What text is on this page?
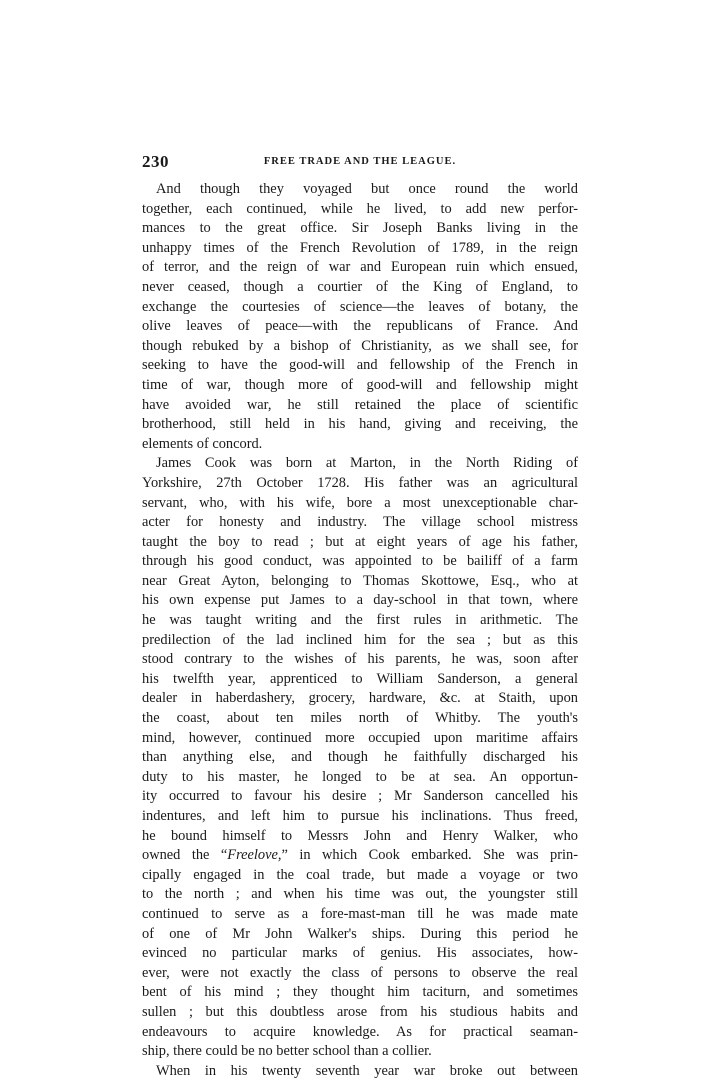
230	FREE TRADE AND THE LEAGUE.
And though they voyaged but once round the world
together, each continued, while he lived, to add new perfor-
mances to the great office. Sir Joseph Banks living in the
unhappy times of the French Revolution of 1789, in the reign
of terror, and the reign of war and European ruin which ensued,
never ceased, though a courtier of the King of England, to
exchange the courtesies of science—the leaves of botany, the
olive leaves of peace—with the republicans of France. And
though rebuked by a bishop of Christianity, as we shall see, for
seeking to have the good-will and fellowship of the French in
time of war, though more of good-will and fellowship might
have avoided war, he still retained the place of scientific
brotherhood, still held in his hand, giving and receiving, the
elements of concord.
James Cook was born at Marton, in the North Riding of
Yorkshire, 27th October 1728. His father was an agricultural
servant, who, with his wife, bore a most unexceptionable char-
acter for honesty and industry. The village school mistress
taught the boy to read ; but at eight years of age his father,
through his good conduct, was appointed to be bailiff of a farm
near Great Ayton, belonging to Thomas Skottowe, Esq., who at
his own expense put James to a day-school in that town, where
he was taught writing and the first rules in arithmetic. The
predilection of the lad inclined him for the sea ; but as this
stood contrary to the wishes of his parents, he was, soon after
his twelfth year, apprenticed to William Sanderson, a general
dealer in haberdashery, grocery, hardware, &c. at Staith, upon
the coast, about ten miles north of Whitby. The youth's
mind, however, continued more occupied upon maritime affairs
than anything else, and though he faithfully discharged his
duty to his master, he longed to be at sea. An opportun-
ity occurred to favour his desire ; Mr Sanderson cancelled his
indentures, and left him to pursue his inclinations. Thus freed,
he bound himself to Messrs John and Henry Walker, who
owned the “Freelove,” in which Cook embarked. She was prin-
cipally engaged in the coal trade, but made a voyage or two
to the north ; and when his time was out, the youngster still
continued to serve as a fore-mast-man till he was made mate
of one of Mr John Walker's ships. During this period he
evinced no particular marks of genius. His associates, how-
ever, were not exactly the class of persons to observe the real
bent of his mind ; they thought him taciturn, and sometimes
sullen ; but this doubtless arose from his studious habits and
endeavours to acquire knowledge. As for practical seaman-
ship, there could be no better school than a collier.
When in his twenty seventh year war broke out between
